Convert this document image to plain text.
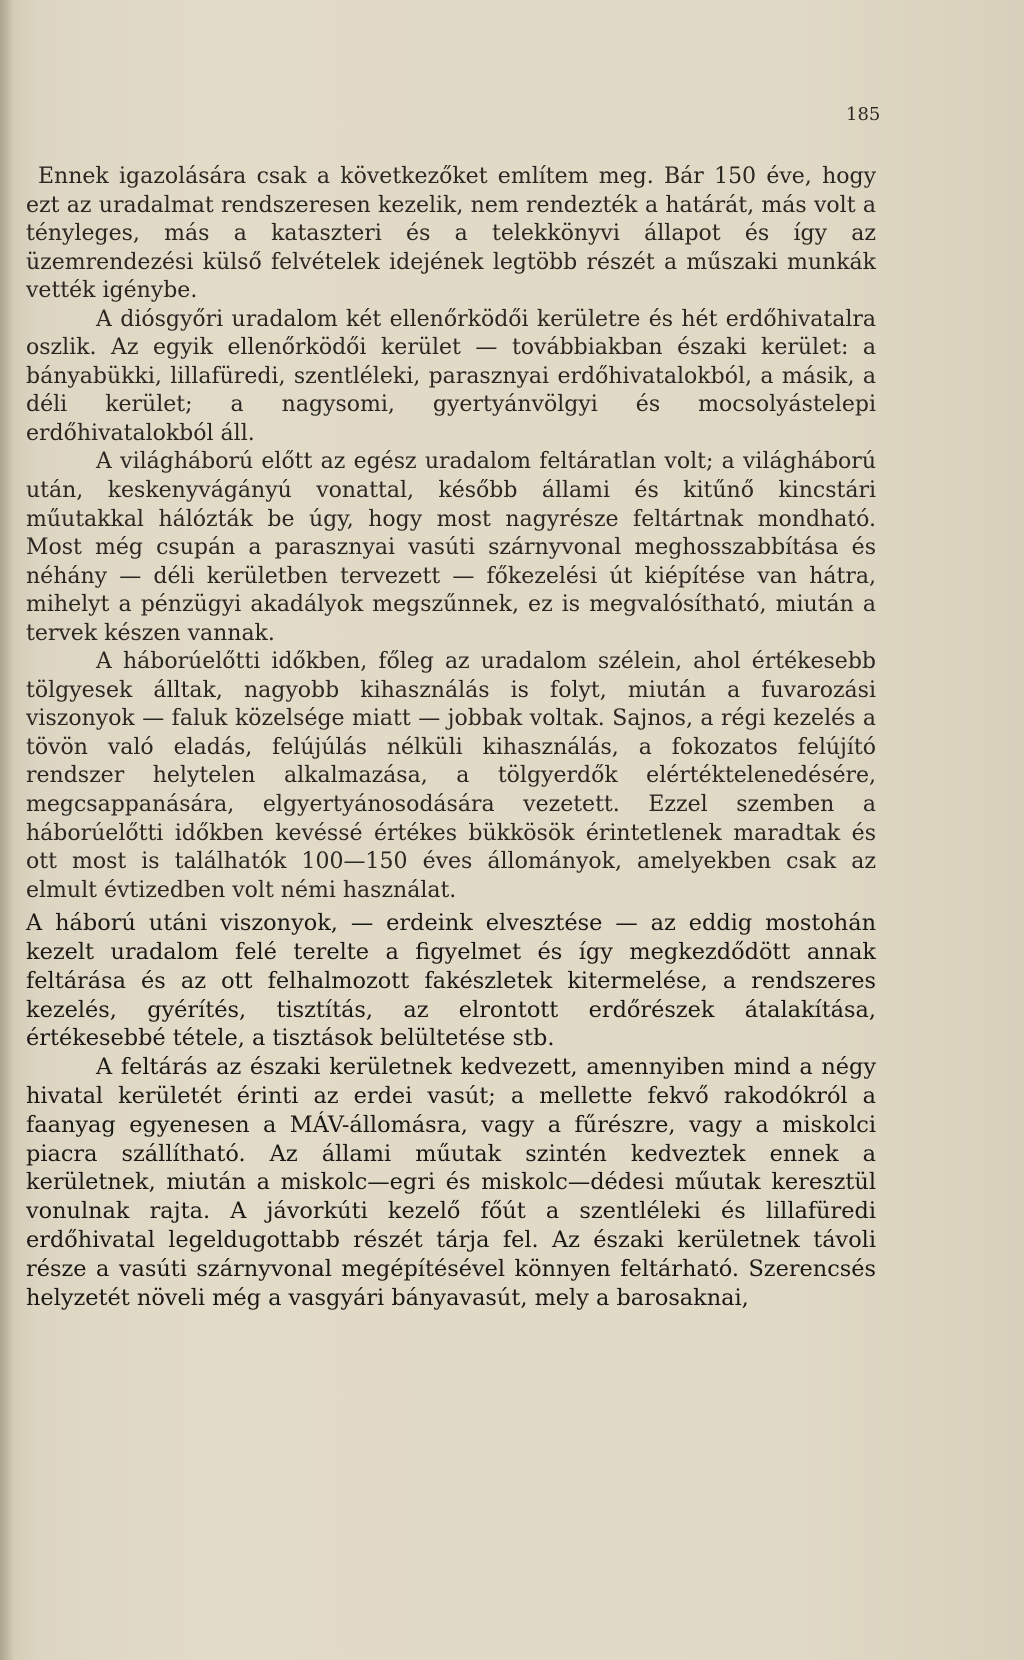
185

Ennek igazolására csak a következőket említem meg. Bár 150 éve, hogy ezt az uradalmat rendszeresen kezelik, nem rendezték a határát, más volt a tényleges, más a kataszteri és a telekkönyvi állapot és így az üzemrendezési külső felvételek idejének legtöbb részét a műszaki munkák vették igénybe.

A diósgyőri uradalom két ellenőrködői kerületre és hét erdőhivatalra oszlik. Az egyik ellenőrködői kerület — továbbiakban északi kerület: a bányabükki, lillafüredi, szentléleki, parasznyai erdőhivatalokból, a másik, a déli kerület; a nagysomi, gyertyánvölgyi és mocsolyástelepi erdőhivatalokból áll.

A világháború előtt az egész uradalom feltáratlan volt; a világháború után, keskenyvágányú vonattal, később állami és kitűnő kincstári műutakkal hálózták be úgy, hogy most nagyrésze feltártnak mondható. Most még csupán a parasznyai vasúti szárnyvonal meghosszabbítása és néhány — déli kerületben tervezett — főkezelési út kiépítése van hátra, mihelyt a pénzügyi akadályok megszűnnek, ez is megvalósítható, miután a tervek készen vannak.

A háborúelőtti időkben, főleg az uradalom szélein, ahol értékesebb tölgyesek álltak, nagyobb kihasználás is folyt, miután a fuvarozási viszonyok — faluk közelsége miatt — jobbak voltak. Sajnos, a régi kezelés a tövön való eladás, felújúlás nélküli kihasználás, a fokozatos felújító rendszer helytelen alkalmazása, a tölgyerdők elértéktelenedésére, megcsappanására, elgyertyánosodására vezetett. Ezzel szemben a háborúelőtti időkben kevéssé értékes bükkösök érintetlenek maradtak és ott most is találhatók 100—150 éves állományok, amelyekben csak az elmult évtizedben volt némi használat.

A háború utáni viszonyok, — erdeink elvesztése — az eddig mostohán kezelt uradalom felé terelte a figyelmet és így megkezdődött annak feltárása és az ott felhalmozott fakészletek kitermelése, a rendszeres kezelés, gyérítés, tisztítás, az elrontott erdőrészek átalakítása, értékesebbé tétele, a tisztások belültetése stb.

A feltárás az északi kerületnek kedvezett, amennyiben mind a négy hivatal kerületét érinti az erdei vasút; a mellette fekvő rakodókról a faanyag egyenesen a MÁV-állomásra, vagy a fűrészre, vagy a miskolci piacra szállítható. Az állami műutak szintén kedveztek ennek a kerületnek, miután a miskolc—egri és miskolc—dédesi műutak keresztül vonulnak rajta. A jávorkúti kezelő főút a szentléleki és lillafüredi erdőhivatal legeldugottabb részét tárja fel. Az északi kerületnek távoli része a vasúti szárnyvonal megépítésével könnyen feltárható. Szerencsés helyzetét növeli még a vasgyári bányavasút, mely a barosaknai,
